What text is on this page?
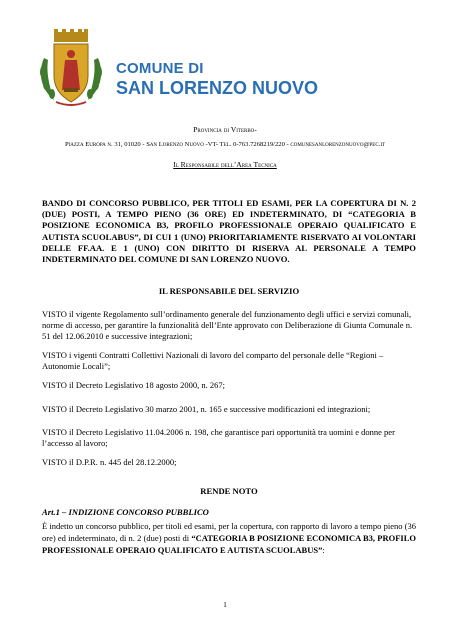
COMUNE DI
SAN LORENZO NUOVO
Provincia di Viterbo-
Piazza Europa n. 31, 01020 - San Lorenzo Nuovo -VT- Tel. 0-763.7268219/220 - comunesanlorenzonuovo@pec.it
Il Responsabile dell’Area Tecnica
BANDO DI CONCORSO PUBBLICO, PER TITOLI ED ESAMI, PER LA COPERTURA DI N. 2 (DUE) POSTI, A TEMPO PIENO (36 ORE) ED INDETERMINATO, DI “CATEGORIA B POSIZIONE ECONOMICA B3, PROFILO PROFESSIONALE OPERAIO QUALIFICATO E AUTISTA SCUOLABUS”, DI CUI 1 (UNO) PRIORITARIAMENTE RISERVATO AI VOLONTARI DELLE FF.AA. E 1 (UNO) CON DIRITTO DI RISERVA AL PERSONALE A TEMPO INDETERMINATO DEL COMUNE DI SAN LORENZO NUOVO.
IL RESPONSABILE DEL SERVIZIO
VISTO il vigente Regolamento sull’ordinamento generale del funzionamento degli uffici e servizi comunali, norme di accesso, per garantire la funzionalità dell’Ente approvato con Deliberazione di Giunta Comunale n. 51 del 12.06.2010 e successive integrazioni;
VISTO i vigenti Contratti Collettivi Nazionali di lavoro del comparto del personale delle “Regioni – Autonomie Locali”;
VISTO il Decreto Legislativo 18 agosto 2000, n. 267;
VISTO il Decreto Legislativo 30 marzo 2001, n. 165 e successive modificazioni ed integrazioni;
VISTO il Decreto Legislativo 11.04.2006 n. 198, che garantisce pari opportunità tra uomini e donne per l’accesso al lavoro;
VISTO il D.P.R. n. 445 del 28.12.2000;
RENDE NOTO
Art.1 – INDIZIONE CONCORSO PUBBLICO
È indetto un concorso pubblico, per titoli ed esami, per la copertura, con rapporto di lavoro a tempo pieno (36 ore) ed indeterminato, di n. 2 (due) posti di “CATEGORIA B POSIZIONE ECONOMICA B3, PROFILO PROFESSIONALE OPERAIO QUALIFICATO E AUTISTA SCUOLABUS”:
1
